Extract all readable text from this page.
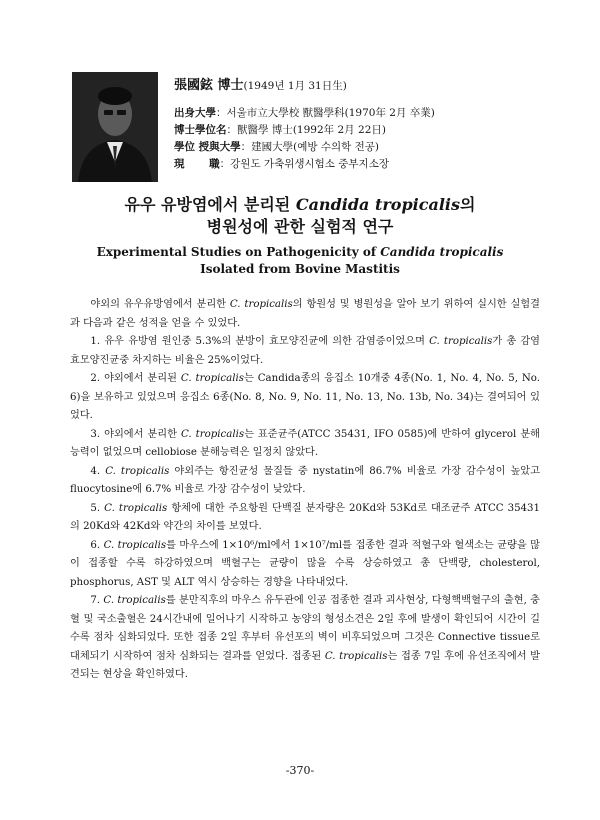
張國鉉 博士(1949년 1月 31日生)
出身大學：서울市立大學校 獸醫學科(1970年 2月 卒業)
博士學位名：獸醫學 博士(1992年 2月 22日)
學位 授與大學：建國大學(예방 수의학 전공)
現 　　職：강원도 가축위생시험소 중부지소장
유우 유방염에서 분리된 Candida tropicalis의
병원성에 관한 실험적 연구
Experimental Studies on Pathogenicity of Candida tropicalis
Isolated from Bovine Mastitis

야외의 유우유방염에서 분리한 C. tropicalis의 항원성 및 병원성을 알아 보기 위하여 실시한 실험결과 다음과 같은 성적을 얻을 수 있었다.

1. 유우 유방염 원인중 5.3%의 분방이 효모양진균에 의한 감염증이었으며 C. tropicalis가 총 감염 효모양진균중 차지하는 비율은 25%이었다.

2. 야외에서 분리된 C. tropicalis는 Candida종의 응집소 10개중 4종(No. 1, No. 4, No. 5, No. 6)을 보유하고 있었으며 응집소 6종(No. 8, No. 9, No. 11, No. 13, No. 13b, No. 34)는 결여되어 있었다.

3. 야외에서 분리한 C. tropicalis는 표준균주(ATCC 35431, IFO 0585)에 반하여 glycerol 분해능력이 없었으며 cellobiose 분해능력은 일정치 않았다.

4. C. tropicalis 야외주는 항진균성 물질들 중 nystatin에 86.7% 비율로 가장 감수성이 높았고 fluocytosine에 6.7% 비율로 가장 감수성이 낮았다.

5. C. tropicalis 항체에 대한 주요항원 단백질 분자량은 20Kd와 53Kd로 대조균주 ATCC 35431의 20Kd와 42Kd와 약간의 차이를 보였다.

6. C. tropicalis를 마우스에 1×10⁶/ml에서 1×10⁷/ml를 접종한 결과 적혈구와 혈색소는 균량을 많이 접종할 수록 하강하였으며 백혈구는 균량이 많을 수록 상승하였고 총 단백량, cholesterol, phosphorus, AST 및 ALT 역시 상승하는 경향을 나타내었다.

7. C. tropicalis를 분만직후의 마우스 유두관에 인공 접종한 결과 괴사현상, 다형핵백혈구의 출현, 충혈 및 국소출혈은 24시간내에 일어나기 시작하고 농양의 형성소견은 2일 후에 발생이 확인되어 시간이 길수록 점차 심화되었다. 또한 접종 2일 후부터 유선포의 벽이 비후되었으며 그것은 Connective tissue로 대체되기 시작하여 점차 심화되는 결과를 얻었다. 접종된 C. tropicalis는 접종 7일 후에 유선조직에서 발견되는 현상을 확인하였다.

-370-
